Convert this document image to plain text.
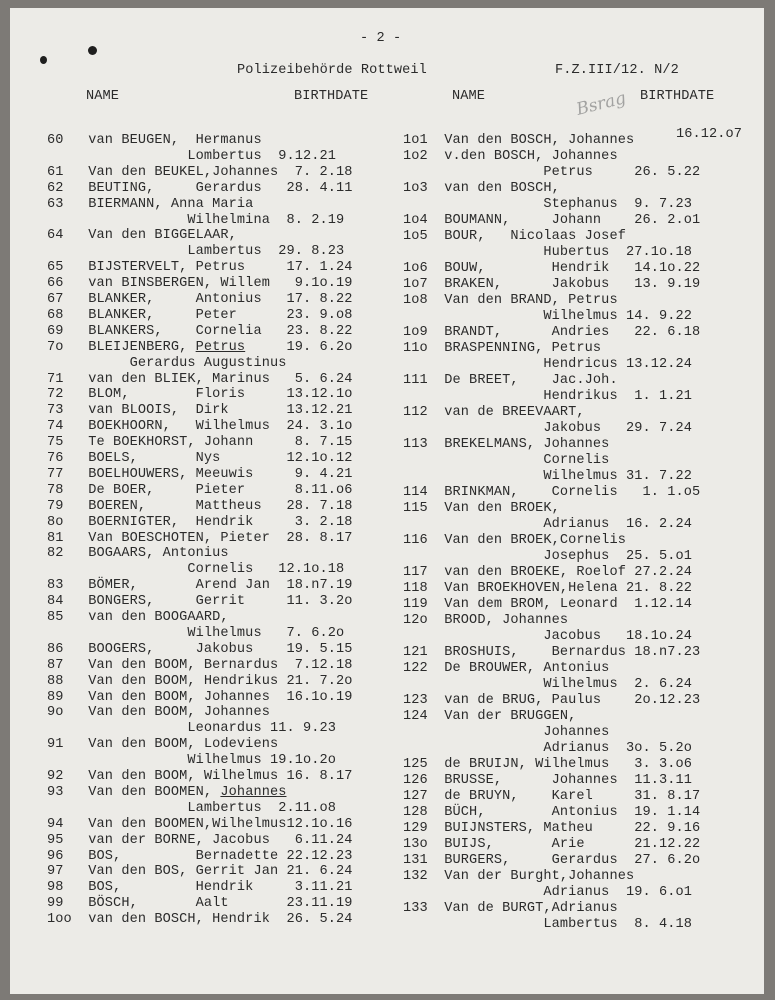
- 2 -
Polizeibehörde Rottweil	F.Z.III/12. N/2
NAME	BIRTHDATE	NAME	BIRTHDATE
Bsrag
60   van BEUGEN,  Hermanus
Lombertus  9.12.21
61   Van den BEUKEL,Johannes  7. 2.18
62   BEUTING,     Gerardus   28. 4.11
63   BIERMANN, Anna Maria
Wilhelmina  8. 2.19
64   Van den BIGGELAAR,
Lambertus  29. 8.23
65   BIJSTERVELT, Petrus     17. 1.24
66   van BINSBERGEN, Willem   9.1o.19
67   BLANKER,     Antonius   17. 8.22
68   BLANKER,     Peter      23. 9.o8
69   BLANKERS,    Cornelia   23. 8.22
7o   BLEIJENBERG, Petrus     19. 6.2o
Gerardus Augustinus
71   van den BLIEK, Marinus   5. 6.24
72   BLOM,        Floris     13.12.1o
73   van BLOOIS,  Dirk       13.12.21
74   BOEKHOORN,   Wilhelmus  24. 3.1o
75   Te BOEKHORST, Johann     8. 7.15
76   BOELS,       Nys        12.1o.12
77   BOELHOUWERS, Meeuwis     9. 4.21
78   De BOER,     Pieter      8.11.o6
79   BOEREN,      Mattheus   28. 7.18
8o   BOERNIGTER,  Hendrik     3. 2.18
81   Van BOESCHOTEN, Pieter  28. 8.17
82   BOGAARS, Antonius
Cornelis   12.1o.18
83   BÖMER,       Arend Jan  18.n7.19
84   BONGERS,     Gerrit     11. 3.2o
85   van den BOOGAARD,
Wilhelmus   7. 6.2o
86   BOOGERS,     Jakobus    19. 5.15
87   Van den BOOM, Bernardus  7.12.18
88   Van den BOOM, Hendrikus 21. 7.2o
89   Van den BOOM, Johannes  16.1o.19
9o   Van den BOOM, Johannes
Leonardus 11. 9.23
91   Van den BOOM, Lodeviens
Wilhelmus 19.1o.2o
92   Van den BOOM, Wilhelmus 16. 8.17
93   Van den BOOMEN, Johannes
Lambertus  2.11.o8
94   Van den BOOMEN,Wilhelmus12.1o.16
95   van der BORNE, Jacobus   6.11.24
96   BOS,         Bernadette 22.12.23
97   Van den BOS, Gerrit Jan 21. 6.24
98   BOS,         Hendrik     3.11.21
99   BÖSCH,       Aalt       23.11.19
1oo  van den BOSCH, Hendrik  26. 5.24
1o1  Van den BOSCH, Johannes	16.12.o7
1o2  v.den BOSCH, Johannes
Petrus     26. 5.22
1o3  van den BOSCH,
Stephanus  9. 7.23
1o4  BOUMANN,     Johann    26. 2.o1
1o5  BOUR,   Nicolaas Josef
Hubertus  27.1o.18
1o6  BOUW,        Hendrik   14.1o.22
1o7  BRAKEN,      Jakobus   13. 9.19
1o8  Van den BRAND, Petrus
Wilhelmus 14. 9.22
1o9  BRANDT,      Andries   22. 6.18
11o  BRASPENNING, Petrus
Hendricus 13.12.24
111  De BREET,    Jac.Joh.
Hendrikus  1. 1.21
112  van de BREEVAART,
Jakobus   29. 7.24
113  BREKELMANS, Johannes
Cornelis
Wilhelmus 31. 7.22
114  BRINKMAN,    Cornelis   1. 1.o5
115  Van den BROEK,
Adrianus  16. 2.24
116  Van den BROEK,Cornelis
Josephus  25. 5.o1
117  van den BROEKE, Roelof 27.2.24
118  Van BROEKHOVEN,Helena 21. 8.22
119  Van dem BROM, Leonard  1.12.14
12o  BROOD, Johannes
Jacobus   18.1o.24
121  BROSHUIS,    Bernardus 18.n7.23
122  De BROUWER, Antonius
Wilhelmus  2. 6.24
123  van de BRUG, Paulus    2o.12.23
124  Van der BRUGGEN,
Johannes
Adrianus  3o. 5.2o
125  de BRUIJN, Wilhelmus   3. 3.o6
126  BRUSSE,      Johannes  11.3.11
127  de BRUYN,    Karel     31. 8.17
128  BÜCH,        Antonius  19. 1.14
129  BUIJNSTERS, Matheu     22. 9.16
13o  BUIJS,       Arie      21.12.22
131  BURGERS,     Gerardus  27. 6.2o
132  Van der Burght,Johannes
Adrianus  19. 6.o1
133  Van de BURGT,Adrianus
Lambertus  8. 4.18
